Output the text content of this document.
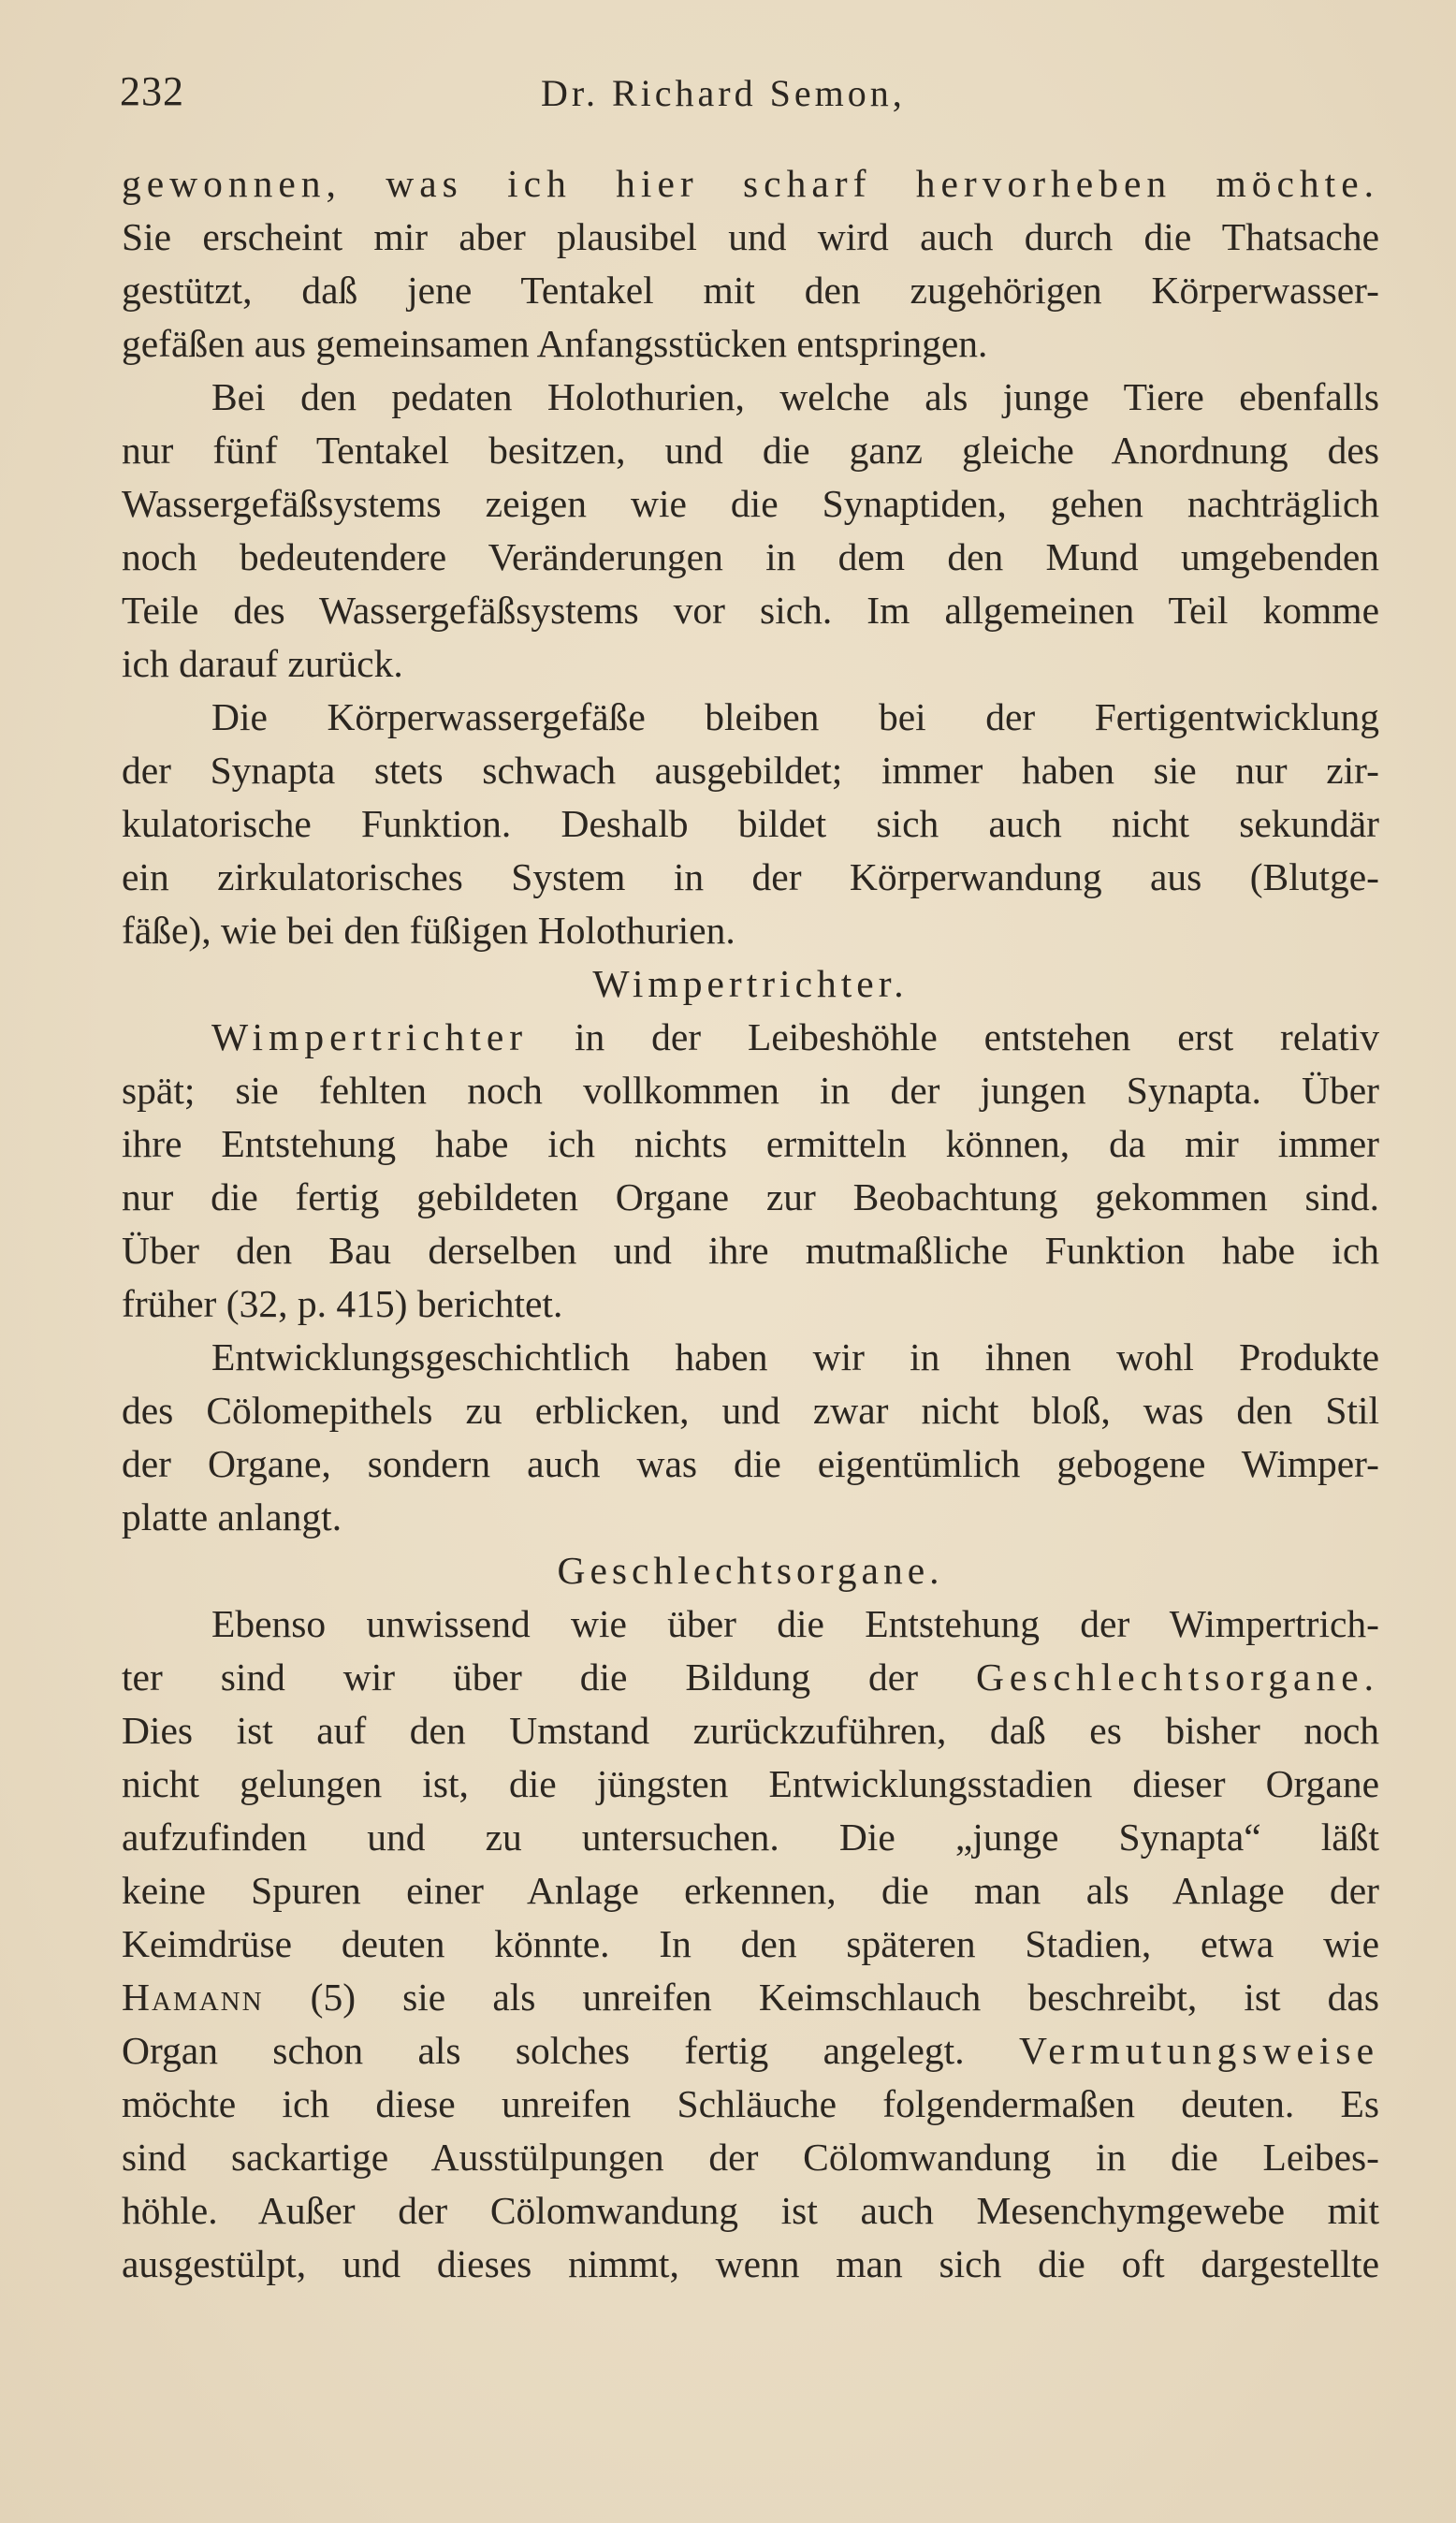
232	Dr. Richard Semon,
gewonnen, was ich hier scharf hervorheben möchte.
Sie erscheint mir aber plausibel und wird auch durch die Thatsache
gestützt, daß jene Tentakel mit den zugehörigen Körperwasser-
gefäßen aus gemeinsamen Anfangsstücken entspringen.
Bei den pedaten Holothurien, welche als junge Tiere ebenfalls
nur fünf Tentakel besitzen, und die ganz gleiche Anordnung des
Wassergefäßsystems zeigen wie die Synaptiden, gehen nachträglich
noch bedeutendere Veränderungen in dem den Mund umgebenden
Teile des Wassergefäßsystems vor sich. Im allgemeinen Teil komme
ich darauf zurück.
Die Körperwassergefäße bleiben bei der Fertigentwicklung
der Synapta stets schwach ausgebildet; immer haben sie nur zir-
kulatorische Funktion. Deshalb bildet sich auch nicht sekundär
ein zirkulatorisches System in der Körperwandung aus (Blutge-
fäße), wie bei den füßigen Holothurien.
Wimpertrichter.
Wimpertrichter in der Leibeshöhle entstehen erst relativ
spät; sie fehlten noch vollkommen in der jungen Synapta. Über
ihre Entstehung habe ich nichts ermitteln können, da mir immer
nur die fertig gebildeten Organe zur Beobachtung gekommen sind.
Über den Bau derselben und ihre mutmaßliche Funktion habe ich
früher (32, p. 415) berichtet.
Entwicklungsgeschichtlich haben wir in ihnen wohl Produkte
des Cölomepithels zu erblicken, und zwar nicht bloß, was den Stil
der Organe, sondern auch was die eigentümlich gebogene Wimper-
platte anlangt.
Geschlechtsorgane.
Ebenso unwissend wie über die Entstehung der Wimpertrich-
ter sind wir über die Bildung der Geschlechtsorgane.
Dies ist auf den Umstand zurückzuführen, daß es bisher noch
nicht gelungen ist, die jüngsten Entwicklungsstadien dieser Organe
aufzufinden und zu untersuchen. Die „junge Synapta“ läßt
keine Spuren einer Anlage erkennen, die man als Anlage der
Keimdrüse deuten könnte. In den späteren Stadien, etwa wie
Hamann (5) sie als unreifen Keimschlauch beschreibt, ist das
Organ schon als solches fertig angelegt. Vermutungsweise
möchte ich diese unreifen Schläuche folgendermaßen deuten. Es
sind sackartige Ausstülpungen der Cölomwandung in die Leibes-
höhle. Außer der Cölomwandung ist auch Mesenchymgewebe mit
ausgestülpt, und dieses nimmt, wenn man sich die oft dargestellte
